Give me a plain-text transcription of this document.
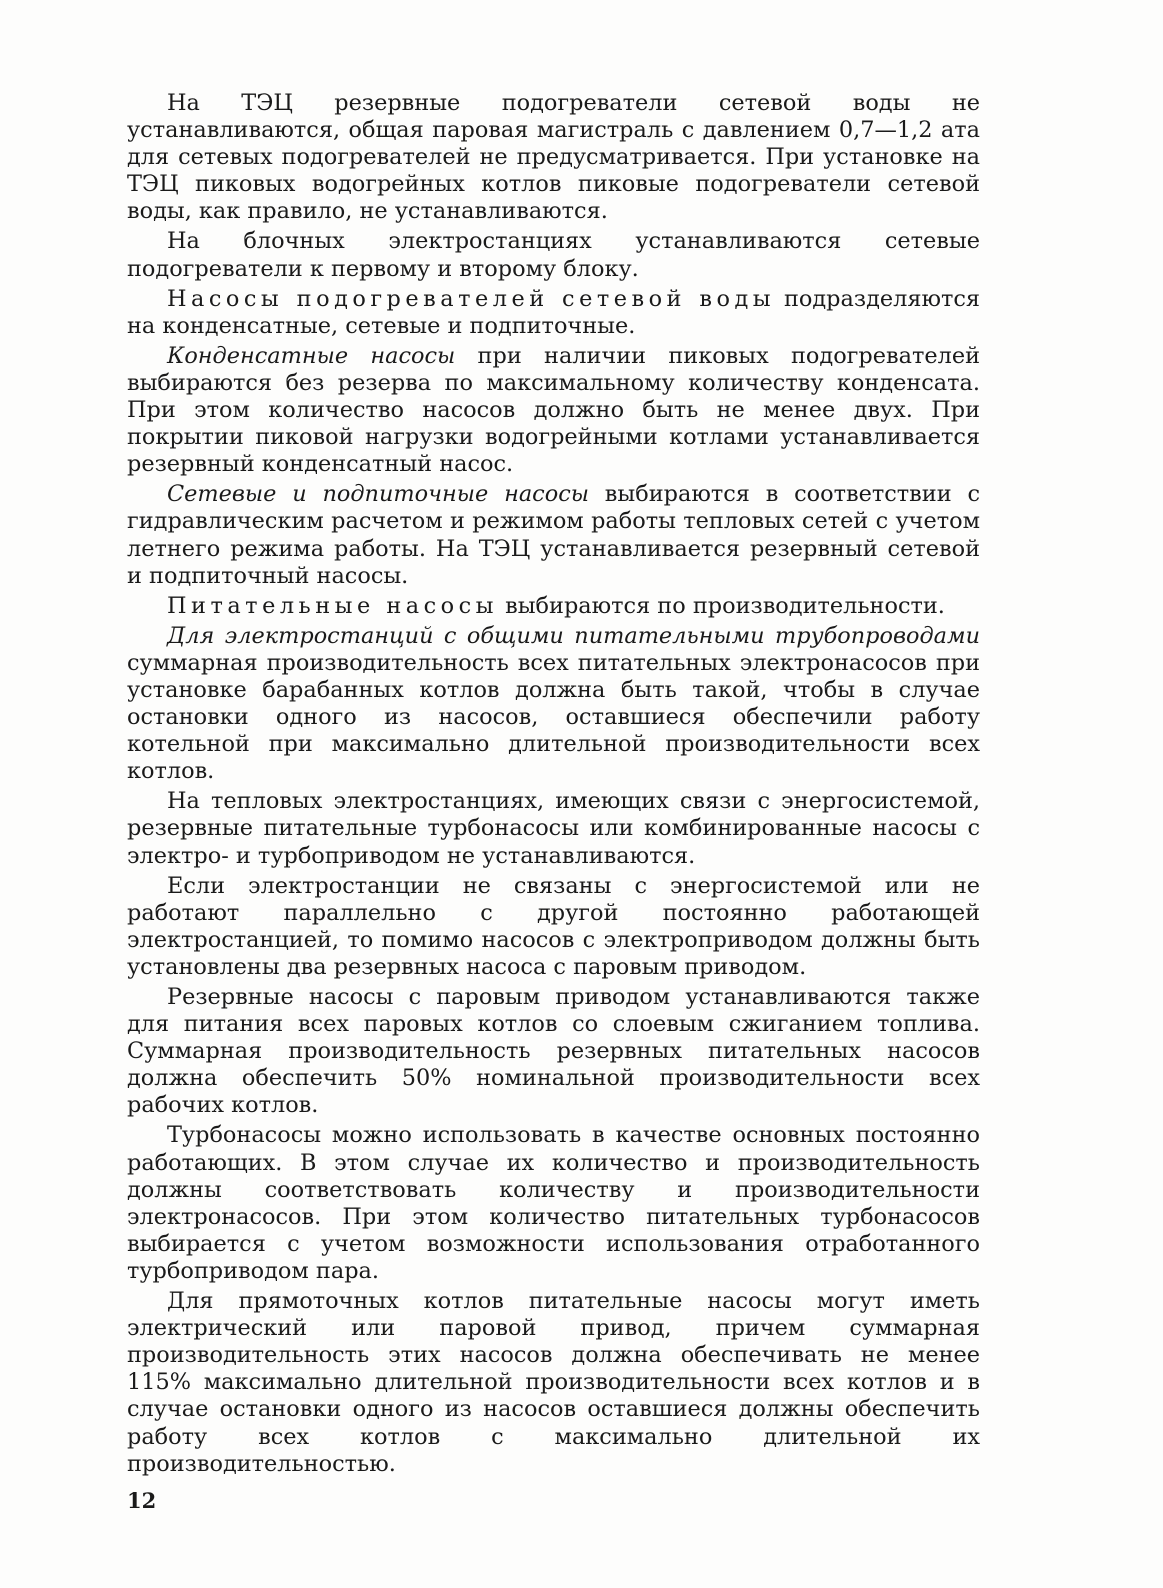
На ТЭЦ резервные подогреватели сетевой воды не устанавливаются, общая паровая магистраль с давлением 0,7—1,2 ата для сетевых подогревателей не предусматривается. При установке на ТЭЦ пиковых водогрейных котлов пиковые подогреватели сетевой воды, как правило, не устанавливаются.

На блочных электростанциях устанавливаются сетевые подогреватели к первому и второму блоку.

Насосы подогревателей сетевой воды подразделяются на конденсатные, сетевые и подпиточные.

Конденсатные насосы при наличии пиковых подогревателей выбираются без резерва по максимальному количеству конденсата. При этом количество насосов должно быть не менее двух. При покрытии пиковой нагрузки водогрейными котлами устанавливается резервный конденсатный насос.

Сетевые и подпиточные насосы выбираются в соответствии с гидравлическим расчетом и режимом работы тепловых сетей с учетом летнего режима работы. На ТЭЦ устанавливается резервный сетевой и подпиточный насосы.

Питательные насосы выбираются по производительности.

Для электростанций с общими питательными трубопроводами суммарная производительность всех питательных электронасосов при установке барабанных котлов должна быть такой, чтобы в случае остановки одного из насосов, оставшиеся обеспечили работу котельной при максимально длительной производительности всех котлов.

На тепловых электростанциях, имеющих связи с энергосистемой, резервные питательные турбонасосы или комбинированные насосы с электро- и турбоприводом не устанавливаются.

Если электростанции не связаны с энергосистемой или не работают параллельно с другой постоянно работающей электростанцией, то помимо насосов с электроприводом должны быть установлены два резервных насоса с паровым приводом.

Резервные насосы с паровым приводом устанавливаются также для питания всех паровых котлов со слоевым сжиганием топлива. Суммарная производительность резервных питательных насосов должна обеспечить 50% номинальной производительности всех рабочих котлов.

Турбонасосы можно использовать в качестве основных постоянно работающих. В этом случае их количество и производительность должны соответствовать количеству и производительности электронасосов. При этом количество питательных турбонасосов выбирается с учетом возможности использования отработанного турбоприводом пара.

Для прямоточных котлов питательные насосы могут иметь электрический или паровой привод, причем суммарная производительность этих насосов должна обеспечивать не менее 115% максимально длительной производительности всех котлов и в случае остановки одного из насосов оставшиеся должны обеспечить работу всех котлов с максимально длительной их производительностью.

12
